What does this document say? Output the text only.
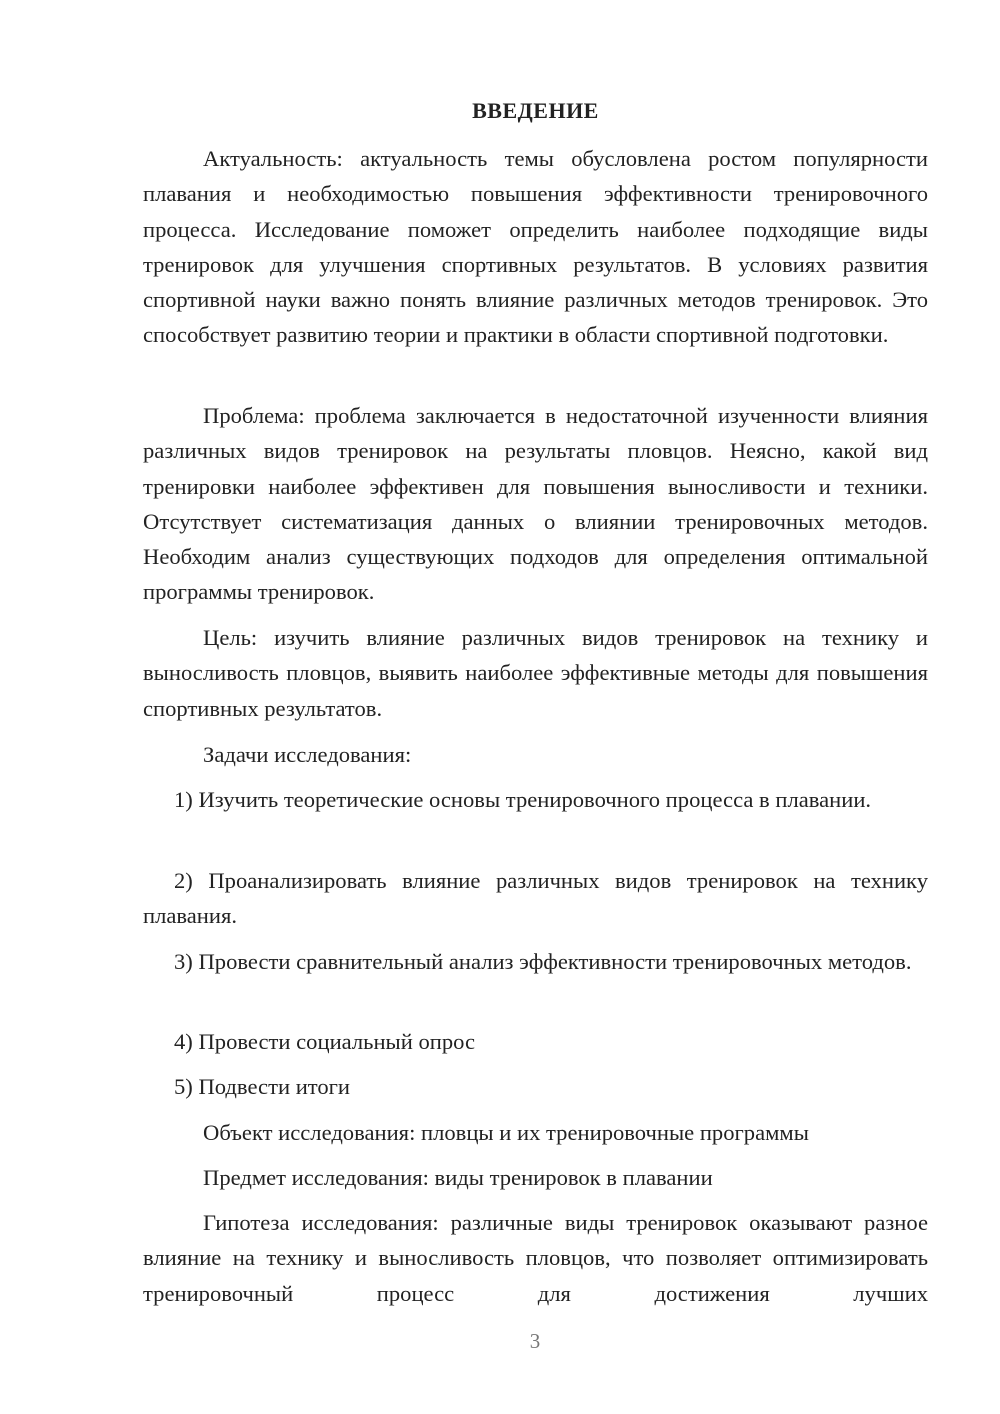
ВВЕДЕНИЕ

Актуальность: актуальность темы обусловлена ростом популярности плавания и необходимостью повышения эффективности тренировочного процесса. Исследование поможет определить наиболее подходящие виды тренировок для улучшения спортивных результатов. В условиях развития спортивной науки важно понять влияние различных методов тренировок. Это способствует развитию теории и практики в области спортивной подготовки.

Проблема: проблема заключается в недостаточной изученности влияния различных видов тренировок на результаты пловцов. Неясно, какой вид тренировки наиболее эффективен для повышения выносливости и техники. Отсутствует систематизация данных о влиянии тренировочных методов. Необходим анализ существующих подходов для определения оптимальной программы тренировок.

Цель: изучить влияние различных видов тренировок на технику и выносливость пловцов, выявить наиболее эффективные методы для повышения спортивных результатов.

Задачи исследования:

1) Изучить теоретические основы тренировочного процесса в плавании.

2) Проанализировать влияние различных видов тренировок на технику плавания.

3) Провести сравнительный анализ эффективности тренировочных методов.

4) Провести социальный опрос

5) Подвести итоги

Объект исследования: пловцы и их тренировочные программы

Предмет исследования: виды тренировок в плавании

Гипотеза исследования: различные виды тренировок оказывают разное влияние на технику и выносливость пловцов, что позволяет оптимизировать тренировочный процесс для достижения лучших

3
